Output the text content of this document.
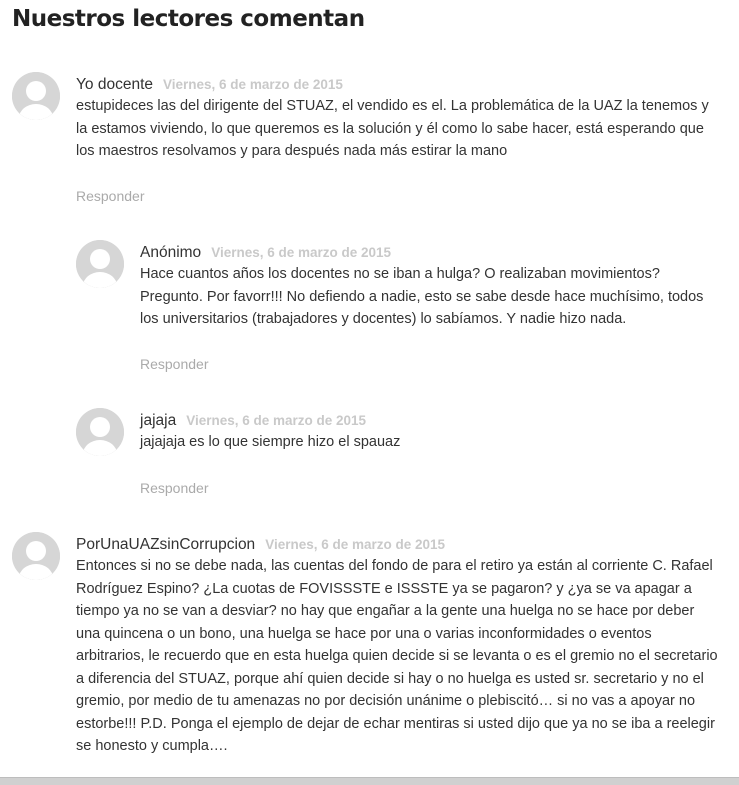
Nuestros lectores comentan
Yo docente Viernes, 6 de marzo de 2015

estupideces las del dirigente del STUAZ, el vendido es el. La problemática de la UAZ la tenemos y

la estamos viviendo, lo que queremos es la solución y él como lo sabe hacer, está esperando que

los maestros resolvamos y para después nada más estirar la mano

Responder
Anónimo Viernes, 6 de marzo de 2015

Hace cuantos años los docentes no se iban a hulga? O realizaban movimientos?

Pregunto. Por favorr!!! No defiendo a nadie, esto se sabe desde hace muchísimo, todos

los universitarios (trabajadores y docentes) lo sabíamos. Y nadie hizo nada.

Responder
jajaja Viernes, 6 de marzo de 2015

jajajaja es lo que siempre hizo el spauaz

Responder
PorUnaUAZsinCorrupcion Viernes, 6 de marzo de 2015

Entonces si no se debe nada, las cuentas del fondo de para el retiro ya están al corriente C. Rafael

Rodríguez Espino? ¿La cuotas de FOVISSSTE e ISSSTE ya se pagaron? y ¿ya se va apagar a

tiempo ya no se van a desviar? no hay que engañar a la gente una huelga no se hace por deber

una quincena o un bono, una huelga se hace por una o varias inconformidades o eventos

arbitrarios, le recuerdo que en esta huelga quien decide si se levanta o es el gremio no el secretario

a diferencia del STUAZ, porque ahí quien decide si hay o no huelga es usted sr. secretario y no el

gremio, por medio de tu amenazas no por decisión unánime o plebiscitó… si no vas a apoyar no

estorbe!!! P.D. Ponga el ejemplo de dejar de echar mentiras si usted dijo que ya no se iba a reelegir

se honesto y cumpla….
